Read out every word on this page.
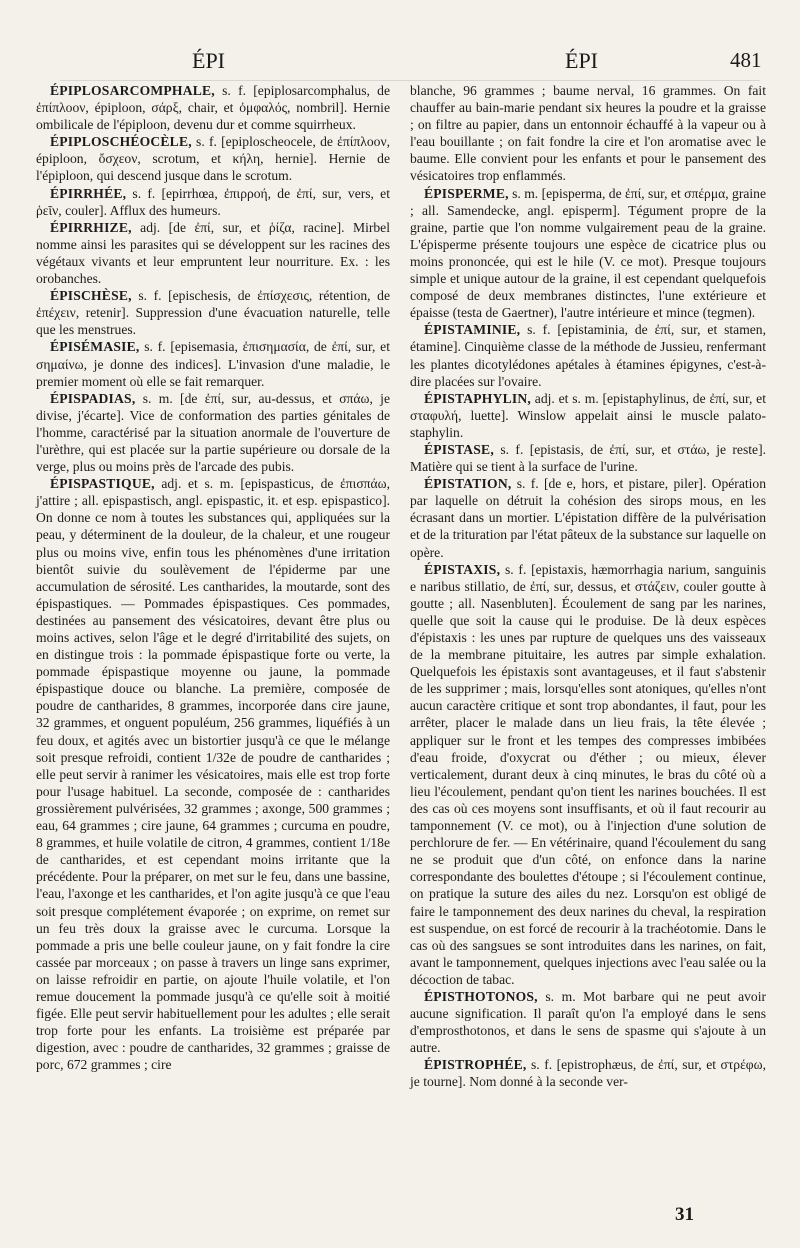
ÉPI	ÉPI	481

ÉPIPLOSARCOMPHALE, s. f. [epiplosarcomphalus, de ἐπίπλοον, épiploon, σάρξ, chair, et ὀμφαλός, nombril]. Hernie ombilicale de l'épiploon, devenu dur et comme squirrheux.

ÉPIPLOSCHÉOCÈLE, s. f. [epiploscheocele, de ἐπίπλοον, épiploon, ὄσχεον, scrotum, et κήλη, hernie]. Hernie de l'épiploon, qui descend jusque dans le scrotum.

ÉPIRRHÉE, s. f. [epirrhœa, ἐπιρροή, de ἐπί, sur, vers, et ῥεῖν, couler]. Afflux des humeurs.

ÉPIRRHIZE, adj. [de ἐπί, sur, et ῥίζα, racine]. Mirbel nomme ainsi les parasites qui se développent sur les racines des végétaux vivants et leur empruntent leur nourriture. Ex. : les orobanches.

ÉPISCHÈSE, s. f. [epischesis, de ἐπίσχεσις, rétention, de ἐπέχειν, retenir]. Suppression d'une évacuation naturelle, telle que les menstrues.

ÉPISÉMASIE, s. f. [episemasia, ἐπισημασία, de ἐπί, sur, et σημαίνω, je donne des indices]. L'invasion d'une maladie, le premier moment où elle se fait remarquer.

ÉPISPADIAS, s. m. [de ἐπί, sur, au-dessus, et σπάω, je divise, j'écarte]. Vice de conformation des parties génitales de l'homme, caractérisé par la situation anormale de l'ouverture de l'urèthre, qui est placée sur la partie supérieure ou dorsale de la verge, plus ou moins près de l'arcade des pubis.

ÉPISPASTIQUE, adj. et s. m. [epispasticus, de ἐπισπάω, j'attire ; all. epispastisch, angl. epispastic, it. et esp. epispastico]. On donne ce nom à toutes les substances qui, appliquées sur la peau, y déterminent de la douleur, de la chaleur, et une rougeur plus ou moins vive, enfin tous les phénomènes d'une irritation bientôt suivie du soulèvement de l'épiderme par une accumulation de sérosité. Les cantharides, la moutarde, sont des épispastiques. — Pommades épispastiques. Ces pommades, destinées au pansement des vésicatoires, devant être plus ou moins actives, selon l'âge et le degré d'irritabilité des sujets, on en distingue trois : la pommade épispastique forte ou verte, la pommade épispastique moyenne ou jaune, la pommade épispastique douce ou blanche. La première, composée de poudre de cantharides, 8 grammes, incorporée dans cire jaune, 32 grammes, et onguent populéum, 256 grammes, liquéfiés à un feu doux, et agités avec un bistortier jusqu'à ce que le mélange soit presque refroidi, contient 1/32e de poudre de cantharides ; elle peut servir à ranimer les vésicatoires, mais elle est trop forte pour l'usage habituel. La seconde, composée de : cantharides grossièrement pulvérisées, 32 grammes ; axonge, 500 grammes ; eau, 64 grammes ; cire jaune, 64 grammes ; curcuma en poudre, 8 grammes, et huile volatile de citron, 4 grammes, contient 1/18e de cantharides, et est cependant moins irritante que la précédente. Pour la préparer, on met sur le feu, dans une bassine, l'eau, l'axonge et les cantharides, et l'on agite jusqu'à ce que l'eau soit presque complétement évaporée ; on exprime, on remet sur un feu très doux la graisse avec le curcuma. Lorsque la pommade a pris une belle couleur jaune, on y fait fondre la cire cassée par morceaux ; on passe à travers un linge sans exprimer, on laisse refroidir en partie, on ajoute l'huile volatile, et l'on remue doucement la pommade jusqu'à ce qu'elle soit à moitié figée. Elle peut servir habituellement pour les adultes ; elle serait trop forte pour les enfants. La troisième est préparée par digestion, avec : poudre de cantharides, 32 grammes ; graisse de porc, 672 grammes ; cire

blanche, 96 grammes ; baume nerval, 16 grammes. On fait chauffer au bain-marie pendant six heures la poudre et la graisse ; on filtre au papier, dans un entonnoir échauffé à la vapeur ou à l'eau bouillante ; on fait fondre la cire et l'on aromatise avec le baume. Elle convient pour les enfants et pour le pansement des vésicatoires trop enflammés.

ÉPISPERME, s. m. [episperma, de ἐπί, sur, et σπέρμα, graine ; all. Samendecke, angl. episperm]. Tégument propre de la graine, partie que l'on nomme vulgairement peau de la graine. L'épisperme présente toujours une espèce de cicatrice plus ou moins prononcée, qui est le hile (V. ce mot). Presque toujours simple et unique autour de la graine, il est cependant quelquefois composé de deux membranes distinctes, l'une extérieure et épaisse (testa de Gaertner), l'autre intérieure et mince (tegmen).

ÉPISTAMINIE, s. f. [epistaminia, de ἐπί, sur, et stamen, étamine]. Cinquième classe de la méthode de Jussieu, renfermant les plantes dicotylédones apétales à étamines épigynes, c'est-à-dire placées sur l'ovaire.

ÉPISTAPHYLIN, adj. et s. m. [epistaphylinus, de ἐπί, sur, et σταφυλή, luette]. Winslow appelait ainsi le muscle palato-staphylin.

ÉPISTASE, s. f. [epistasis, de ἐπί, sur, et στάω, je reste]. Matière qui se tient à la surface de l'urine.

ÉPISTATION, s. f. [de e, hors, et pistare, piler]. Opération par laquelle on détruit la cohésion des sirops mous, en les écrasant dans un mortier. L'épistation diffère de la pulvérisation et de la trituration par l'état pâteux de la substance sur laquelle on opère.

ÉPISTAXIS, s. f. [epistaxis, hæmorrhagia narium, sanguinis e naribus stillatio, de ἐπί, sur, dessus, et στάζειν, couler goutte à goutte ; all. Nasenbluten]. Écoulement de sang par les narines, quelle que soit la cause qui le produise. De là deux espèces d'épistaxis : les unes par rupture de quelques uns des vaisseaux de la membrane pituitaire, les autres par simple exhalation. Quelquefois les épistaxis sont avantageuses, et il faut s'abstenir de les supprimer ; mais, lorsqu'elles sont atoniques, qu'elles n'ont aucun caractère critique et sont trop abondantes, il faut, pour les arrêter, placer le malade dans un lieu frais, la tête élevée ; appliquer sur le front et les tempes des compresses imbibées d'eau froide, d'oxycrat ou d'éther ; ou mieux, élever verticalement, durant deux à cinq minutes, le bras du côté où a lieu l'écoulement, pendant qu'on tient les narines bouchées. Il est des cas où ces moyens sont insuffisants, et où il faut recourir au tamponnement (V. ce mot), ou à l'injection d'une solution de perchlorure de fer. — En vétérinaire, quand l'écoulement du sang ne se produit que d'un côté, on enfonce dans la narine correspondante des boulettes d'étoupe ; si l'écoulement continue, on pratique la suture des ailes du nez. Lorsqu'on est obligé de faire le tamponnement des deux narines du cheval, la respiration est suspendue, on est forcé de recourir à la trachéotomie. Dans le cas où des sangsues se sont introduites dans les narines, on fait, avant le tamponnement, quelques injections avec l'eau salée ou la décoction de tabac.

ÉPISTHOTONOS, s. m. Mot barbare qui ne peut avoir aucune signification. Il paraît qu'on l'a employé dans le sens d'emprosthotonos, et dans le sens de spasme qui s'ajoute à un autre.

ÉPISTROPHÉE, s. f. [epistrophæus, de ἐπί, sur, et στρέφω, je tourne]. Nom donné à la seconde ver-

31
